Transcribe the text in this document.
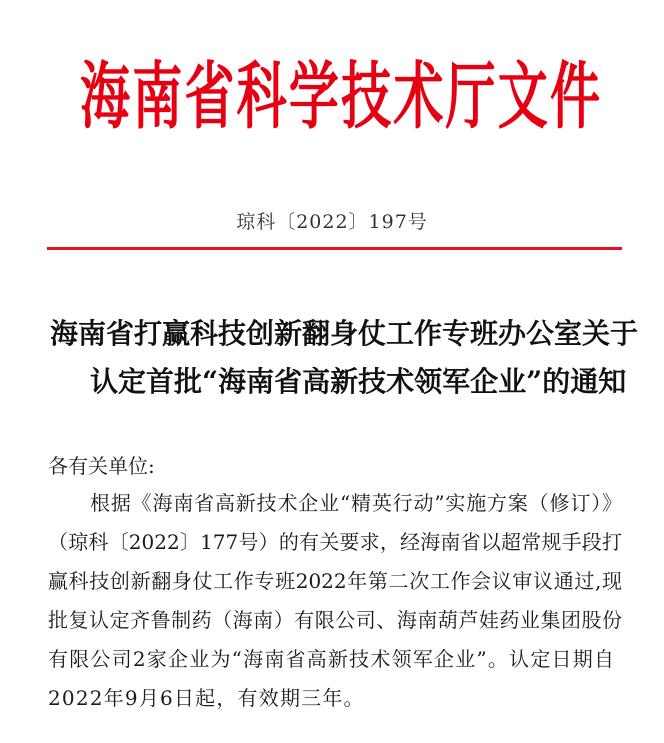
海南省科学技术厅文件
琼科〔2022〕197号
海南省打赢科技创新翻身仗工作专班办公室关于
认定首批“海南省高新技术领军企业”的通知
各有关单位:
根据《海南省高新技术企业“精英行动”实施方案（修订）》
（琼科〔2022〕177号）的有关要求，经海南省以超常规手段打
赢科技创新翻身仗工作专班2022年第二次工作会议审议通过,现
批复认定齐鲁制药（海南）有限公司、海南葫芦娃药业集团股份
有限公司2家企业为“海南省高新技术领军企业”。认定日期自
2022年9月6日起，有效期三年。
